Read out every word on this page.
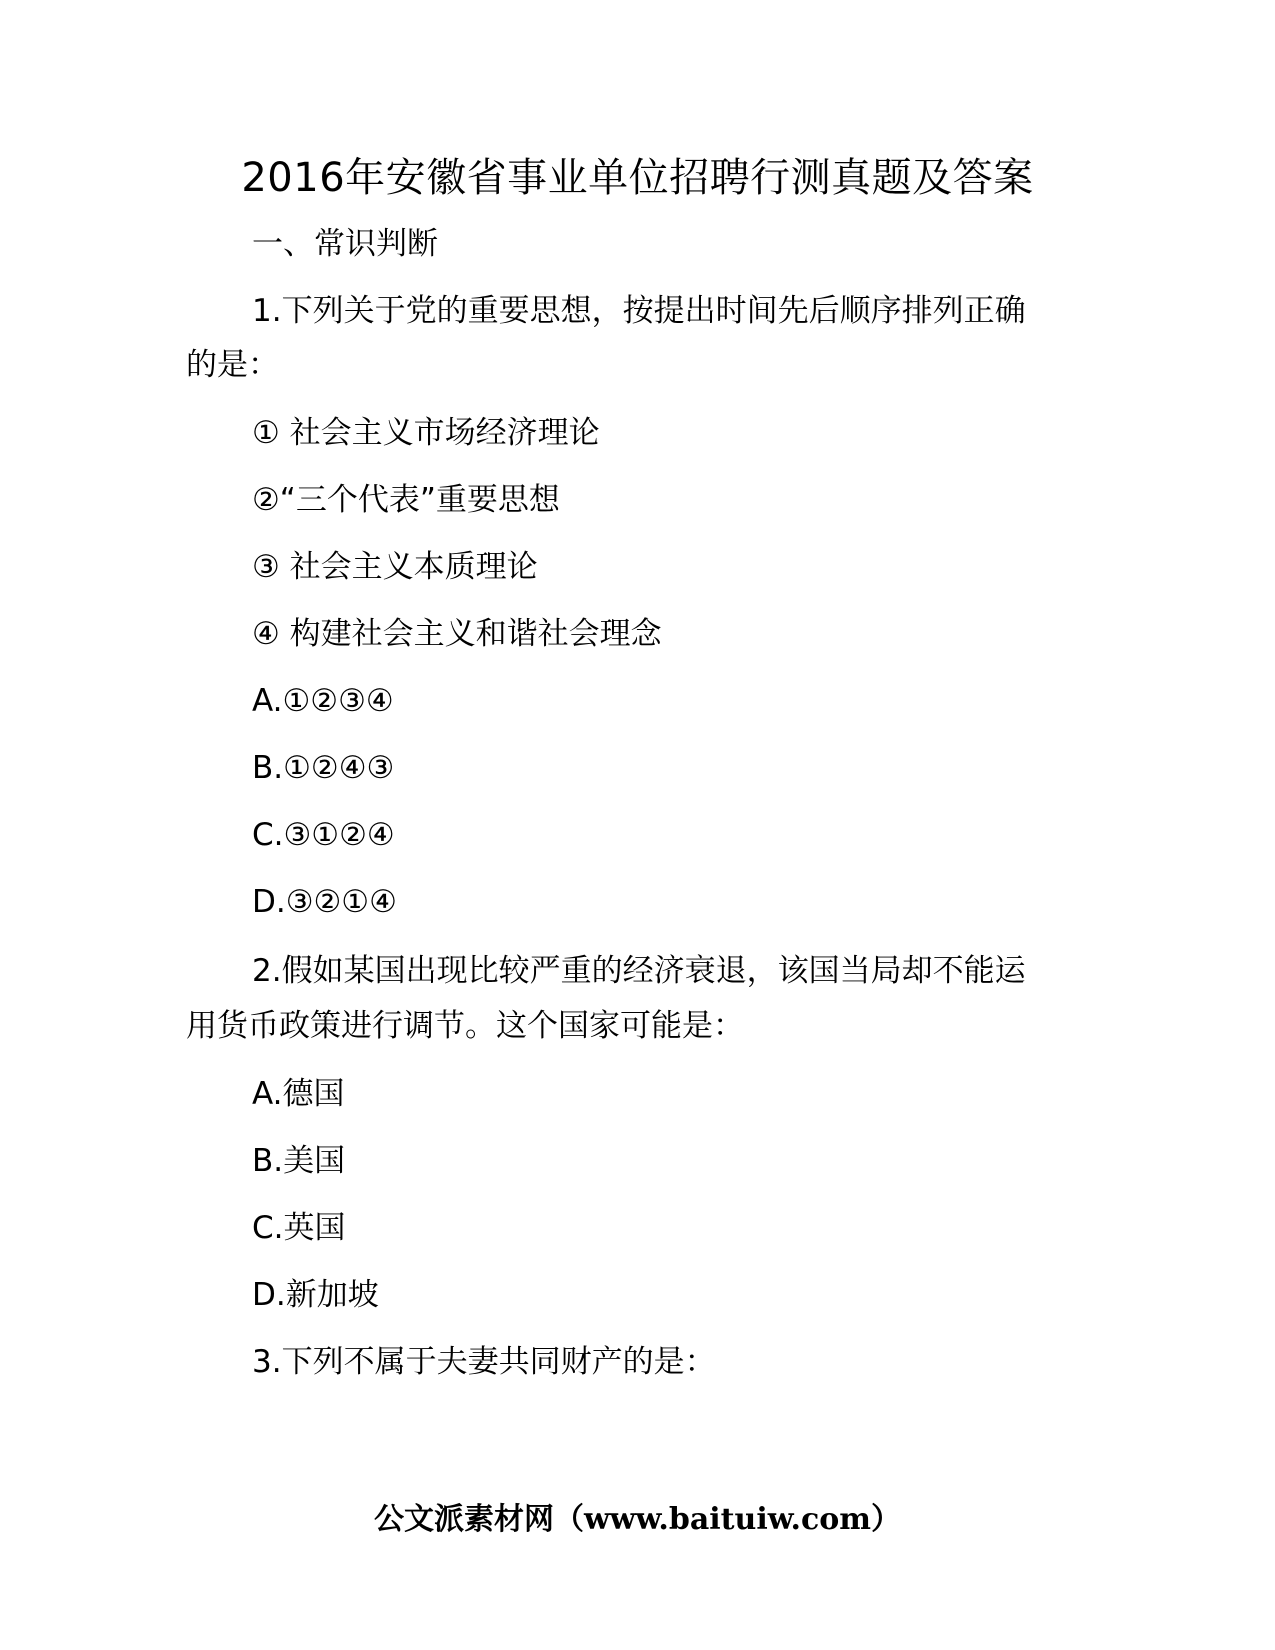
2016年安徽省事业单位招聘行测真题及答案
一、常识判断
1.下列关于党的重要思想，按提出时间先后顺序排列正确
的是：
① 社会主义市场经济理论
②“三个代表”重要思想
③ 社会主义本质理论
④ 构建社会主义和谐社会理念
A.①②③④
B.①②④③
C.③①②④
D.③②①④
2.假如某国出现比较严重的经济衰退，该国当局却不能运
用货币政策进行调节。这个国家可能是：
A.德国
B.美国
C.英国
D.新加坡
3.下列不属于夫妻共同财产的是：
公文派素材网（www.baituiw.com）
